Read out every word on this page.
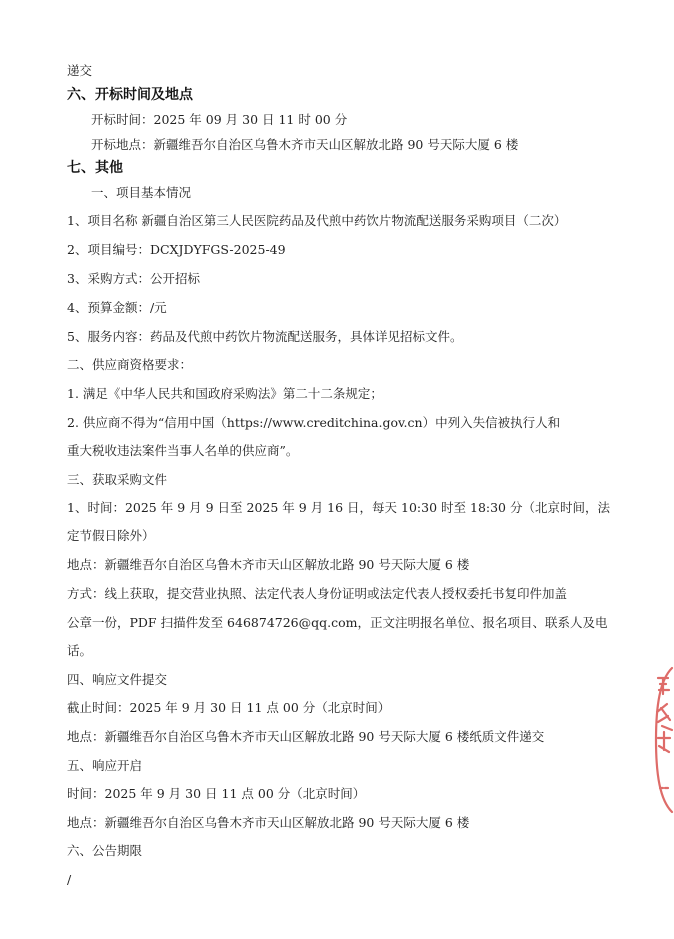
递交
六、开标时间及地点
开标时间：2025 年 09 月 30 日 11 时 00 分
开标地点：新疆维吾尔自治区乌鲁木齐市天山区解放北路 90 号天际大厦 6 楼
七、其他
一、项目基本情况
1、项目名称 新疆自治区第三人民医院药品及代煎中药饮片物流配送服务采购项目（二次）
2、项目编号：DCXJDYFGS-2025-49
3、采购方式：公开招标
4、预算金额：/元
5、服务内容：药品及代煎中药饮片物流配送服务，具体详见招标文件。
二、供应商资格要求：
1. 满足《中华人民共和国政府采购法》第二十二条规定；
2. 供应商不得为“信用中国（https://www.creditchina.gov.cn）中列入失信被执行人和
重大税收违法案件当事人名单的供应商”。
三、获取采购文件
1、时间：2025 年 9 月 9 日至 2025 年 9 月 16 日，每天 10:30 时至 18:30 分（北京时间，法
定节假日除外）
地点：新疆维吾尔自治区乌鲁木齐市天山区解放北路 90 号天际大厦 6 楼
方式：线上获取，提交营业执照、法定代表人身份证明或法定代表人授权委托书复印件加盖
公章一份，PDF 扫描件发至 646874726@qq.com，正文注明报名单位、报名项目、联系人及电
话。
四、响应文件提交
截止时间：2025 年 9 月 30 日 11 点 00 分（北京时间）
地点：新疆维吾尔自治区乌鲁木齐市天山区解放北路 90 号天际大厦 6 楼纸质文件递交
五、响应开启
时间：2025 年 9 月 30 日 11 点 00 分（北京时间）
地点：新疆维吾尔自治区乌鲁木齐市天山区解放北路 90 号天际大厦 6 楼
六、公告期限
/
